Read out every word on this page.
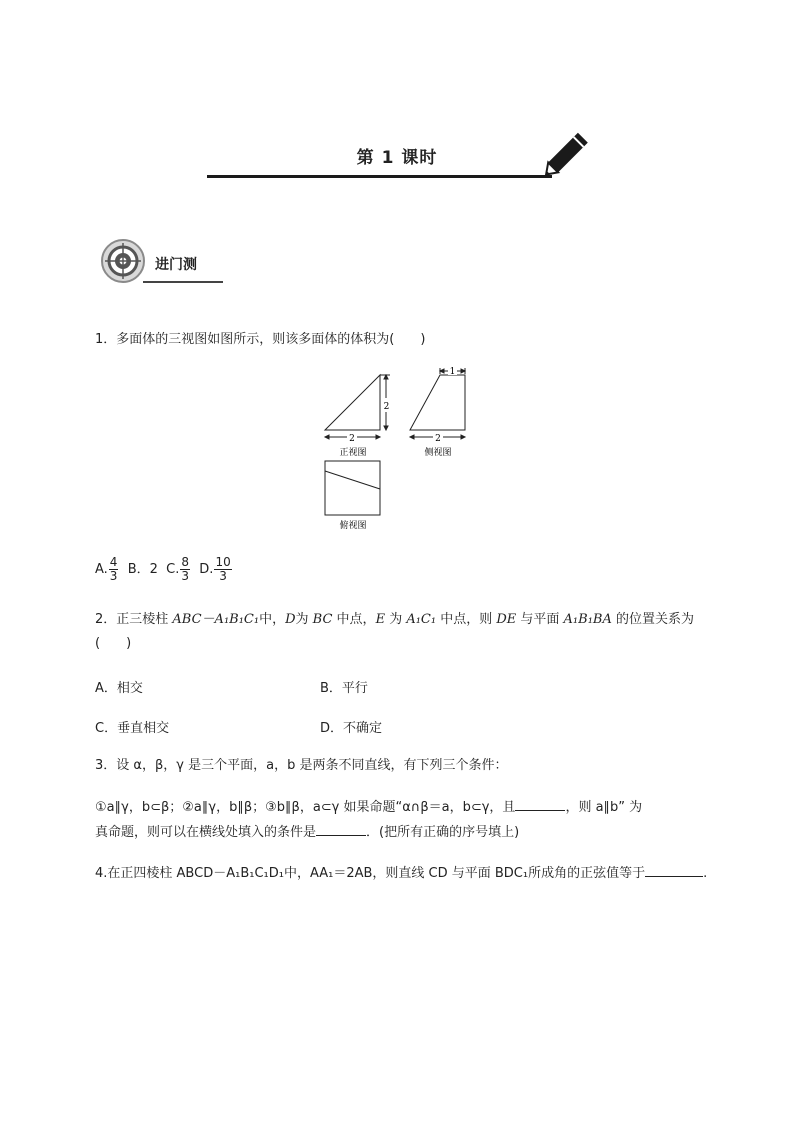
第 1 课时
进门测
1．多面体的三视图如图所示，则该多面体的体积为(　　)
2
2
正视图
1
2
侧视图
俯视图
A. $\frac{4}{3}$ B．2 C. $\frac{8}{3} D$. $\frac{10}{3}$
2．正三棱柱 ABC－A₁B₁C₁中，D为 BC 中点，E 为 A₁C₁ 中点，则 DE 与平面 A₁B₁BA 的位置关系为
(　　)
A．相交	B．平行
C．垂直相交	D．不确定
3．设 α，β，γ 是三个平面，a，b 是两条不同直线，有下列三个条件：
①a∥γ，b⊂β；②a∥γ，b∥β；③b∥β，a⊂γ 如果命题“α∩β＝a，b⊂γ，且	，则 a∥b” 为
真命题，则可以在横线处填入的条件是	．(把所有正确的序号填上)
4.在正四棱柱 ABCD－A₁B₁C₁D₁中，AA₁＝2AB，则直线 CD 与平面 BDC₁所成角的正弦值等于	.
